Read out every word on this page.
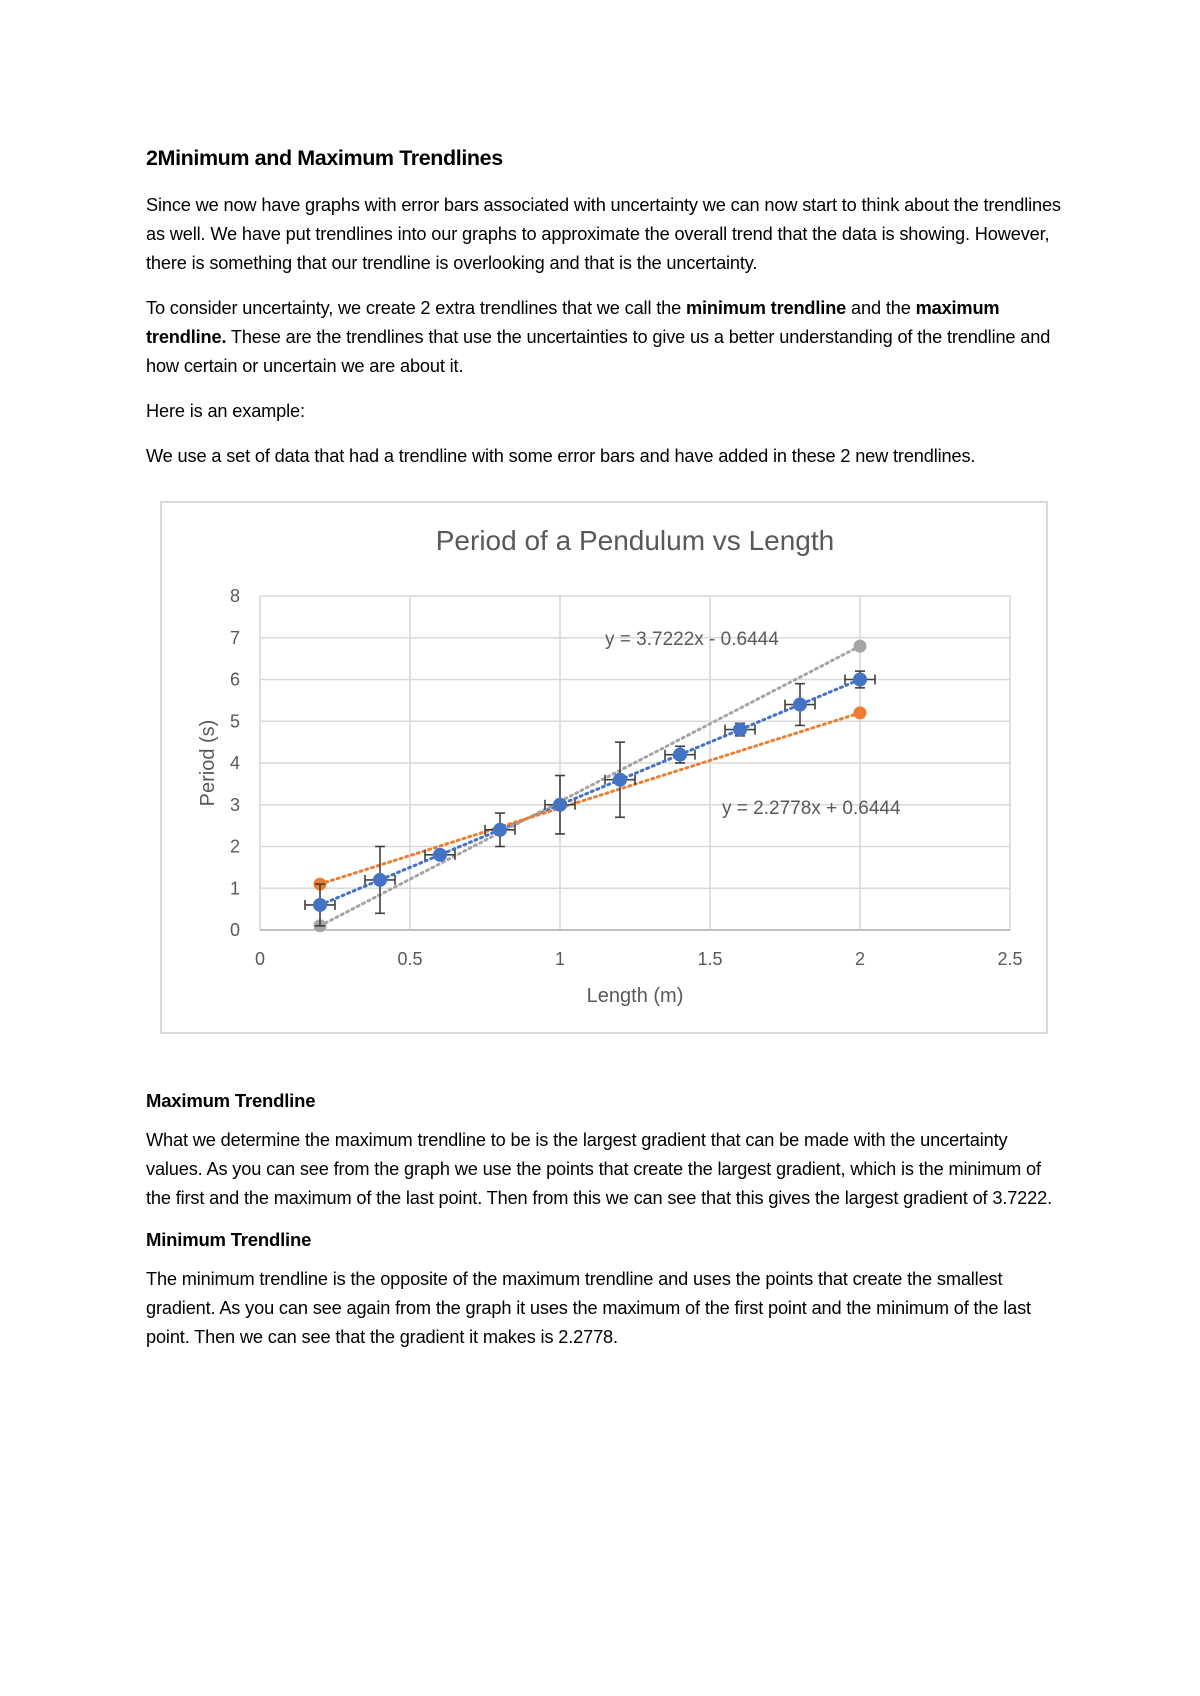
2Minimum and Maximum Trendlines

Since we now have graphs with error bars associated with uncertainty we can now start to think about the trendlines as well. We have put trendlines into our graphs to approximate the overall trend that the data is showing. However, there is something that our trendline is overlooking and that is the uncertainty.

To consider uncertainty, we create 2 extra trendlines that we call the minimum trendline and the maximum trendline. These are the trendlines that use the uncertainties to give us a better understanding of the trendline and how certain or uncertain we are about it.

Here is an example:

We use a set of data that had a trendline with some error bars and have added in these 2 new trendlines.

Period of a Pendulum vs Length
0
1
2
3
4
5
6
7
8
0	0.5	1	1.5	2	2.5
Length (m)
Period (s)
y = 3.7222x - 0.6444
y = 2.2778x + 0.6444
Maximum Trendline

What we determine the maximum trendline to be is the largest gradient that can be made with the uncertainty values. As you can see from the graph we use the points that create the largest gradient, which is the minimum of the first and the maximum of the last point. Then from this we can see that this gives the largest gradient of 3.7222.

Minimum Trendline

The minimum trendline is the opposite of the maximum trendline and uses the points that create the smallest gradient. As you can see again from the graph it uses the maximum of the first point and the minimum of the last point. Then we can see that the gradient it makes is 2.2778.
